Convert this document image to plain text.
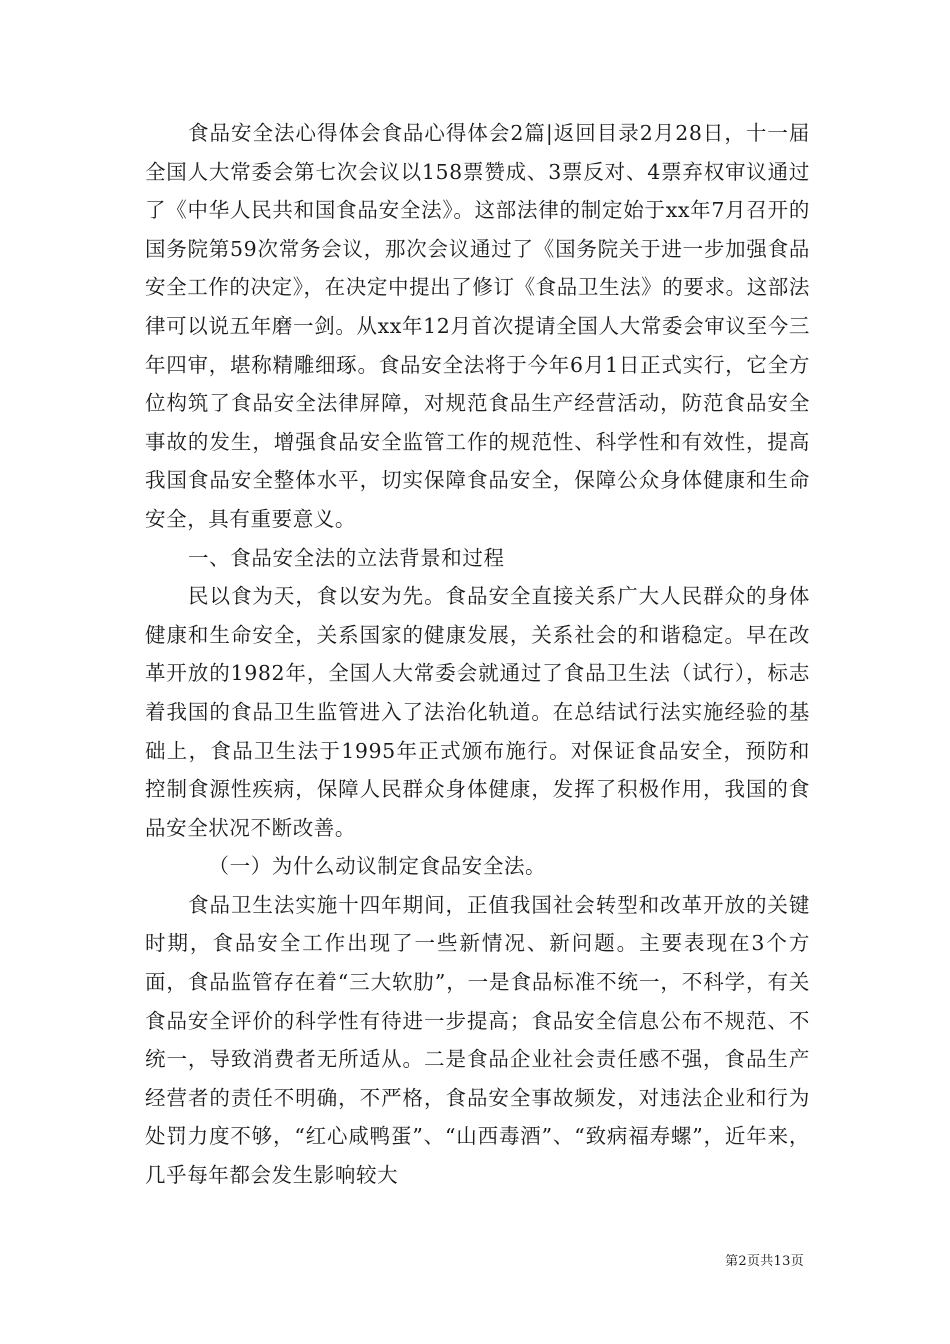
食品安全法心得体会食品心得体会2篇|返回目录2月28日，十一届全国人大常委会第七次会议以158票赞成、3票反对、4票弃权审议通过了《中华人民共和国食品安全法》。这部法律的制定始于xx年7月召开的国务院第59次常务会议，那次会议通过了《国务院关于进一步加强食品安全工作的决定》，在决定中提出了修订《食品卫生法》的要求。这部法律可以说五年磨一剑。从xx年12月首次提请全国人大常委会审议至今三年四审，堪称精雕细琢。食品安全法将于今年6月1日正式实行，它全方位构筑了食品安全法律屏障，对规范食品生产经营活动，防范食品安全事故的发生，增强食品安全监管工作的规范性、科学性和有效性，提高我国食品安全整体水平，切实保障食品安全，保障公众身体健康和生命安全，具有重要意义。

一、食品安全法的立法背景和过程

民以食为天，食以安为先。食品安全直接关系广大人民群众的身体健康和生命安全，关系国家的健康发展，关系社会的和谐稳定。早在改革开放的1982年，全国人大常委会就通过了食品卫生法（试行），标志着我国的食品卫生监管进入了法治化轨道。在总结试行法实施经验的基础上，食品卫生法于1995年正式颁布施行。对保证食品安全，预防和控制食源性疾病，保障人民群众身体健康，发挥了积极作用，我国的食品安全状况不断改善。

（一）为什么动议制定食品安全法。

食品卫生法实施十四年期间，正值我国社会转型和改革开放的关键时期，食品安全工作出现了一些新情况、新问题。主要表现在3个方面，食品监管存在着“三大软肋”，一是食品标准不统一，不科学，有关食品安全评价的科学性有待进一步提高；食品安全信息公布不规范、不统一，导致消费者无所适从。二是食品企业社会责任感不强，食品生产经营者的责任不明确，不严格，食品安全事故频发，对违法企业和行为处罚力度不够，“红心咸鸭蛋”、“山西毒酒”、“致病福寿螺”，近年来，几乎每年都会发生影响较大

第2页共13页
